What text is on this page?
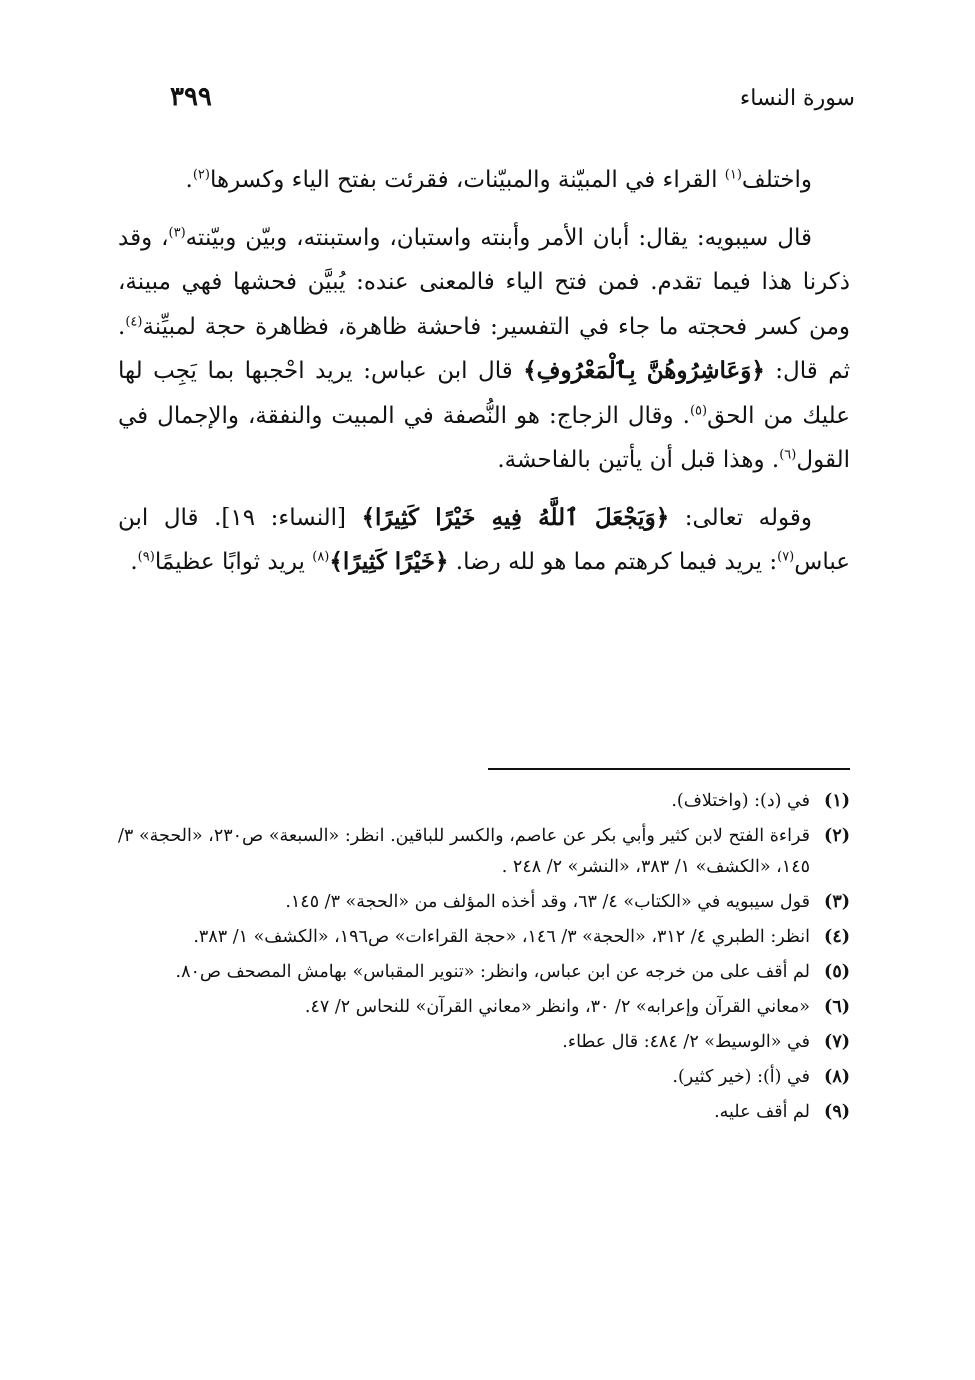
سورة النساء
٣٩٩

واختلف$^{(١)}$ القراء في المبيّنة والمبيّنات، فقرئت بفتح الياء وكسرها$^{(٢)}$.

قال سيبويه: يقال: أبان الأمر وأبنته واستبان، واستبنته، وبيّن وبيّنته$^{(٣)}$، وقد ذكرنا هذا فيما تقدم. فمن فتح الياء فالمعنى عنده: يُبيَّن فحشها فهي مبينة، ومن كسر فحجته ما جاء في التفسير: فاحشة ظاهرة، فظاهرة حجة لمبيِّنة$^{(٤)}$. ثم قال: ﴿وَعَاشِرُوهُنَّ بِٱلْمَعْرُوفِ﴾ قال ابن عباس: يريد احْجبها بما يَجِب لها عليك من الحق$^{(٥)}$. وقال الزجاج: هو النُّصفة في المبيت والنفقة، والإجمال في القول$^{(٦)}$. وهذا قبل أن يأتين بالفاحشة.

وقوله تعالى: ﴿وَيَجْعَلَ ٱللَّهُ فِيهِ خَيْرًا كَثِيرًا﴾ [النساء: ١٩]. قال ابن عباس$^{(٧)}$: يريد فيما كرهتم مما هو لله رضا. ﴿خَيْرًا كَثِيرًا﴾$^{(٨)}$ يريد ثوابًا عظيمًا$^{(٩)}$.

(١)
في (د): (واختلاف).
(٢)
قراءة الفتح لابن كثير وأبي بكر عن عاصم، والكسر للباقين. انظر: «السبعة» ص٢٣٠، «الحجة» ٣/ ١٤٥، «الكشف» ١/ ٣٨٣، «النشر» ٢/ ٢٤٨ .
(٣)
قول سيبويه في «الكتاب» ٤/ ٦٣، وقد أخذه المؤلف من «الحجة» ٣/ ١٤٥.
(٤)
انظر: الطبري ٤/ ٣١٢، «الحجة» ٣/ ١٤٦، «حجة القراءات» ص١٩٦، «الكشف» ١/ ٣٨٣.
(٥)
لم أقف على من خرجه عن ابن عباس، وانظر: «تنوير المقباس» بهامش المصحف ص٨٠.
(٦)
«معاني القرآن وإعرابه» ٢/ ٣٠، وانظر «معاني القرآن» للنحاس ٢/ ٤٧.
(٧)
في «الوسيط» ٢/ ٤٨٤: قال عطاء.
(٨)
في (أ): (خير كثير).
(٩)
لم أقف عليه.
